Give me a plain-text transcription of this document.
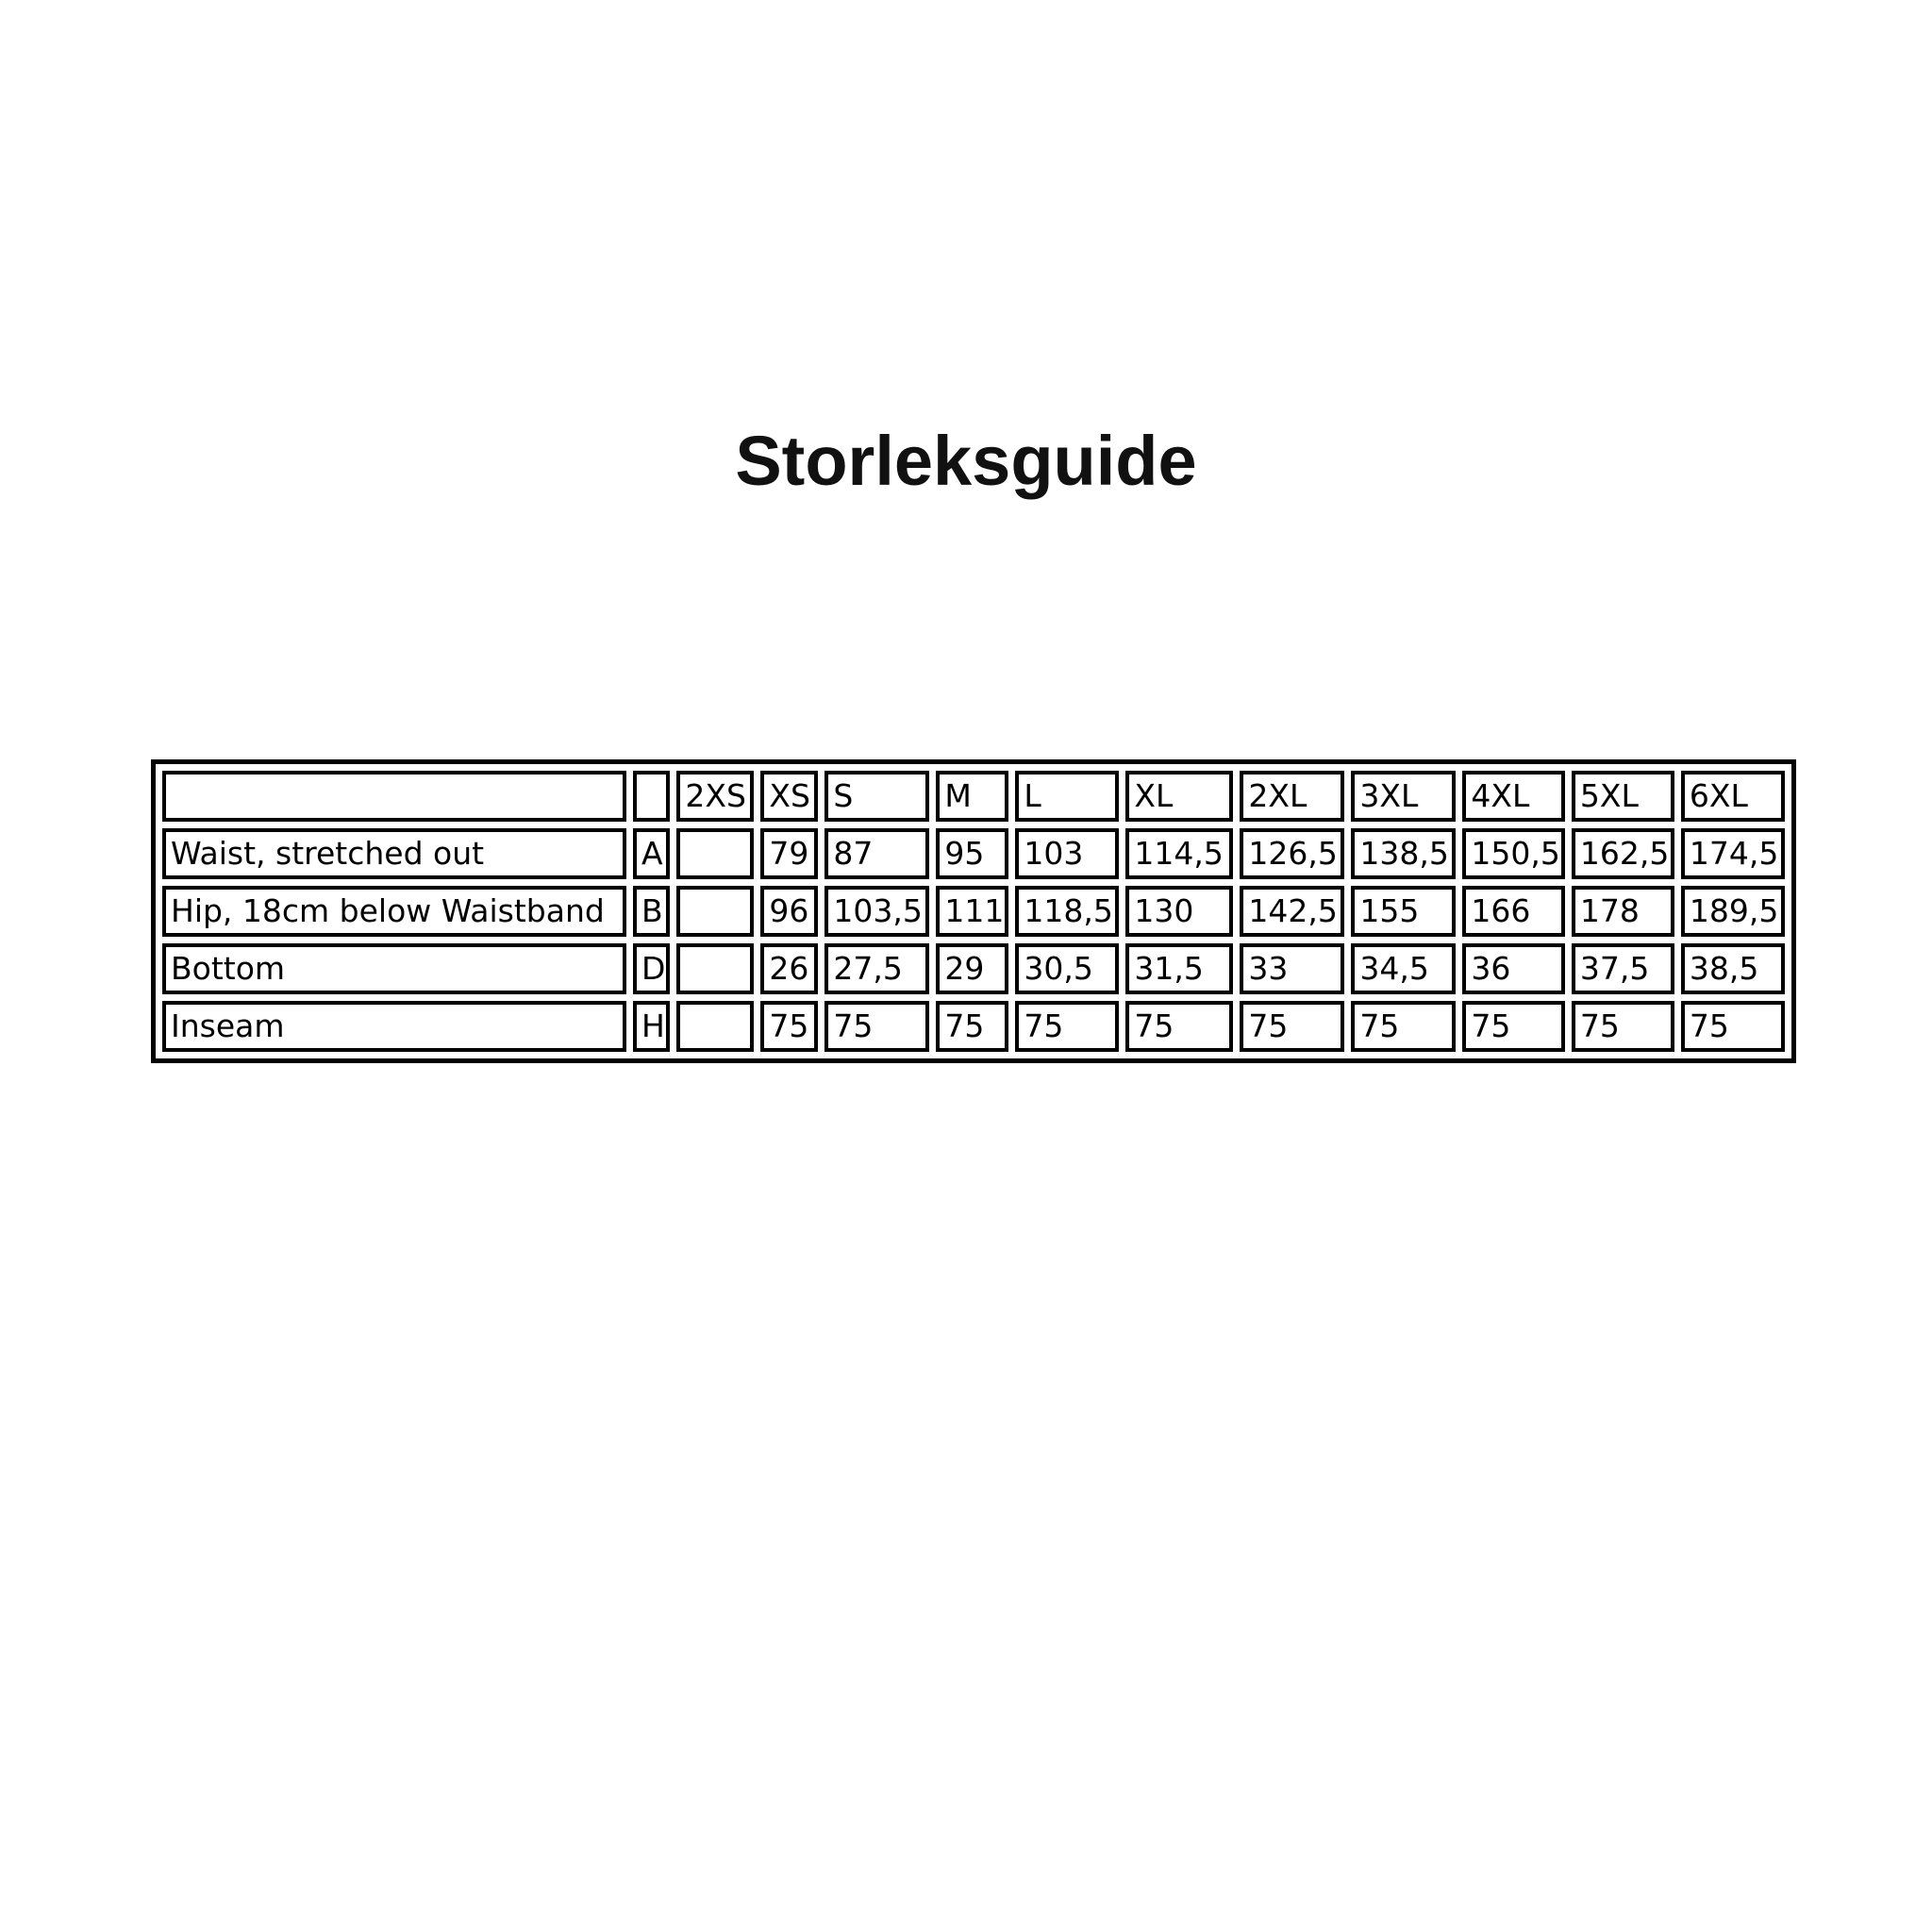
Storleksguide
		2XS	XS	S	M	L	XL	2XL	3XL	4XL	5XL	6XL
Waist, stretched out	A		79	87	95	103	114,5	126,5	138,5	150,5	162,5	174,5
Hip, 18cm below Waistband	B		96	103,5	111	118,5	130	142,5	155	166	178	189,5
Bottom	D		26	27,5	29	30,5	31,5	33	34,5	36	37,5	38,5
Inseam	H		75	75	75	75	75	75	75	75	75	75
